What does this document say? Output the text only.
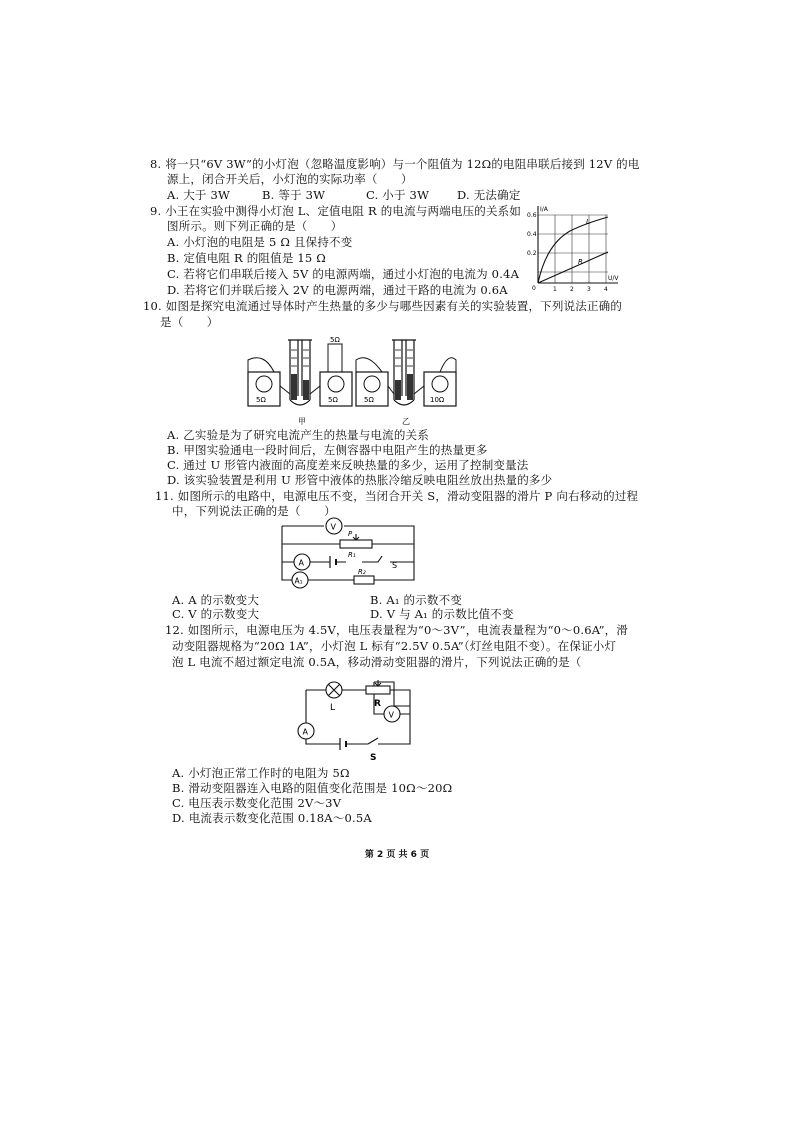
8. 将一只“6V 3W”的小灯泡（忽略温度影响）与一个阻值为 12Ω的电阻串联后接到 12V 的电
源上，闭合开关后，小灯泡的实际功率（　　）
A. 大于 3W	B. 等于 3W	C. 小于 3W D. 无法确定
9. 小王在实验中测得小灯泡 L、定值电阻 R 的电流与两端电压的关系如
图所示。则下列正确的是（　　）
A. 小灯泡的电阻是 5 Ω 且保持不变
B. 定值电阻 R 的阻值是 15 Ω
C. 若将它们串联后接入 5V 的电源两端，通过小灯泡的电流为 0.4A
D. 若将它们并联后接入 2V 的电源两端，通过干路的电流为 0.6A
I/A
0.6
0.4
0.2
0	1 2 3 4
U/V
L
R
10. 如图是探究电流通过导体时产生热量的多少与哪些因素有关的实验装置，下列说法正确的
是（　　）
5Ω	5Ω
5Ω
5Ω	10Ω
甲	乙
A. 乙实验是为了研究电流产生的热量与电流的关系
B. 甲图实验通电一段时间后，左侧容器中电阻产生的热量更多
C. 通过 U 形管内液面的高度差来反映热量的多少，运用了控制变量法
D. 该实验装置是利用 U 形管中液体的热胀冷缩反映电阻丝放出热量的多少
11. 如图所示的电路中，电源电压不变，当闭合开关 S，滑动变阻器的滑片 P 向右移动的过程
中，下列说法正确的是（　　）
V
P
A
R₁
S
A₁
R₂
A. A 的示数变大	B. A₁ 的示数不变
C. V 的示数变大	D. V 与 A₁ 的示数比值不变
12. 如图所示，电源电压为 4.5V，电压表量程为“0～3V”，电流表量程为“0～0.6A”，滑
动变阻器规格为“20Ω 1A”，小灯泡 L 标有“2.5V 0.5A”（灯丝电阻不变）。在保证小灯
泡 L 电流不超过额定电流 0.5A，移动滑动变阻器的滑片，下列说法正确的是（
L	R
V
A
S
A. 小灯泡正常工作时的电阻为 5Ω
B. 滑动变阻器连入电路的阻值变化范围是 10Ω～20Ω
C. 电压表示数变化范围 2V～3V
D. 电流表示数变化范围 0.18A～0.5A
第 2 页 共 6 页
